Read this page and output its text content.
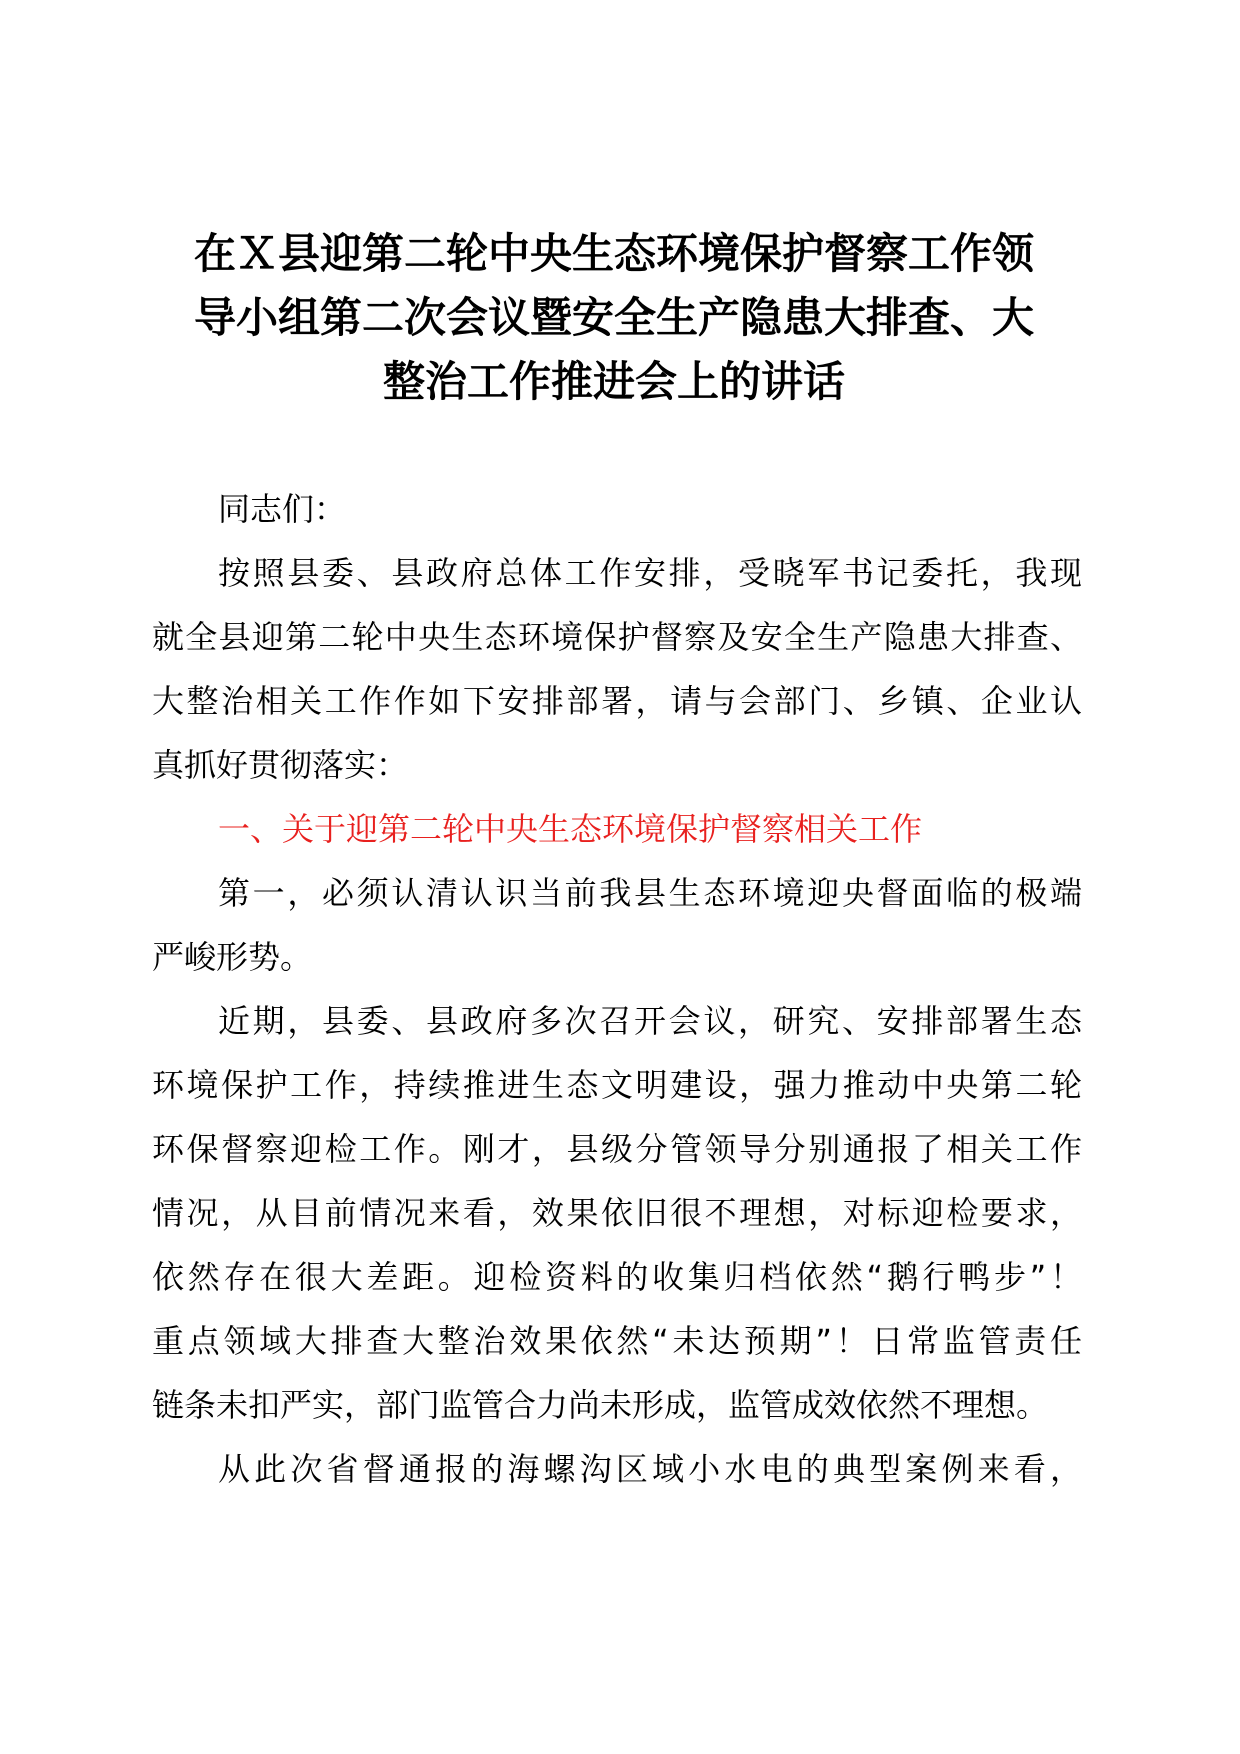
在Ｘ县迎第二轮中央生态环境保护督察工作领
导小组第二次会议暨安全生产隐患大排查、大
整治工作推进会上的讲话
同志们：
按照县委、县政府总体工作安排，受晓军书记委托，我现
就全县迎第二轮中央生态环境保护督察及安全生产隐患大排查、
大整治相关工作作如下安排部署，请与会部门、乡镇、企业认
真抓好贯彻落实：
一、关于迎第二轮中央生态环境保护督察相关工作
第一，必须认清认识当前我县生态环境迎央督面临的极端
严峻形势。
近期，县委、县政府多次召开会议，研究、安排部署生态
环境保护工作，持续推进生态文明建设，强力推动中央第二轮
环保督察迎检工作。刚才，县级分管领导分别通报了相关工作
情况，从目前情况来看，效果依旧很不理想，对标迎检要求，
依然存在很大差距。迎检资料的收集归档依然“鹅行鸭步”！
重点领域大排查大整治效果依然“未达预期”！日常监管责任
链条未扣严实，部门监管合力尚未形成，监管成效依然不理想。
从此次省督通报的海螺沟区域小水电的典型案例来看，
